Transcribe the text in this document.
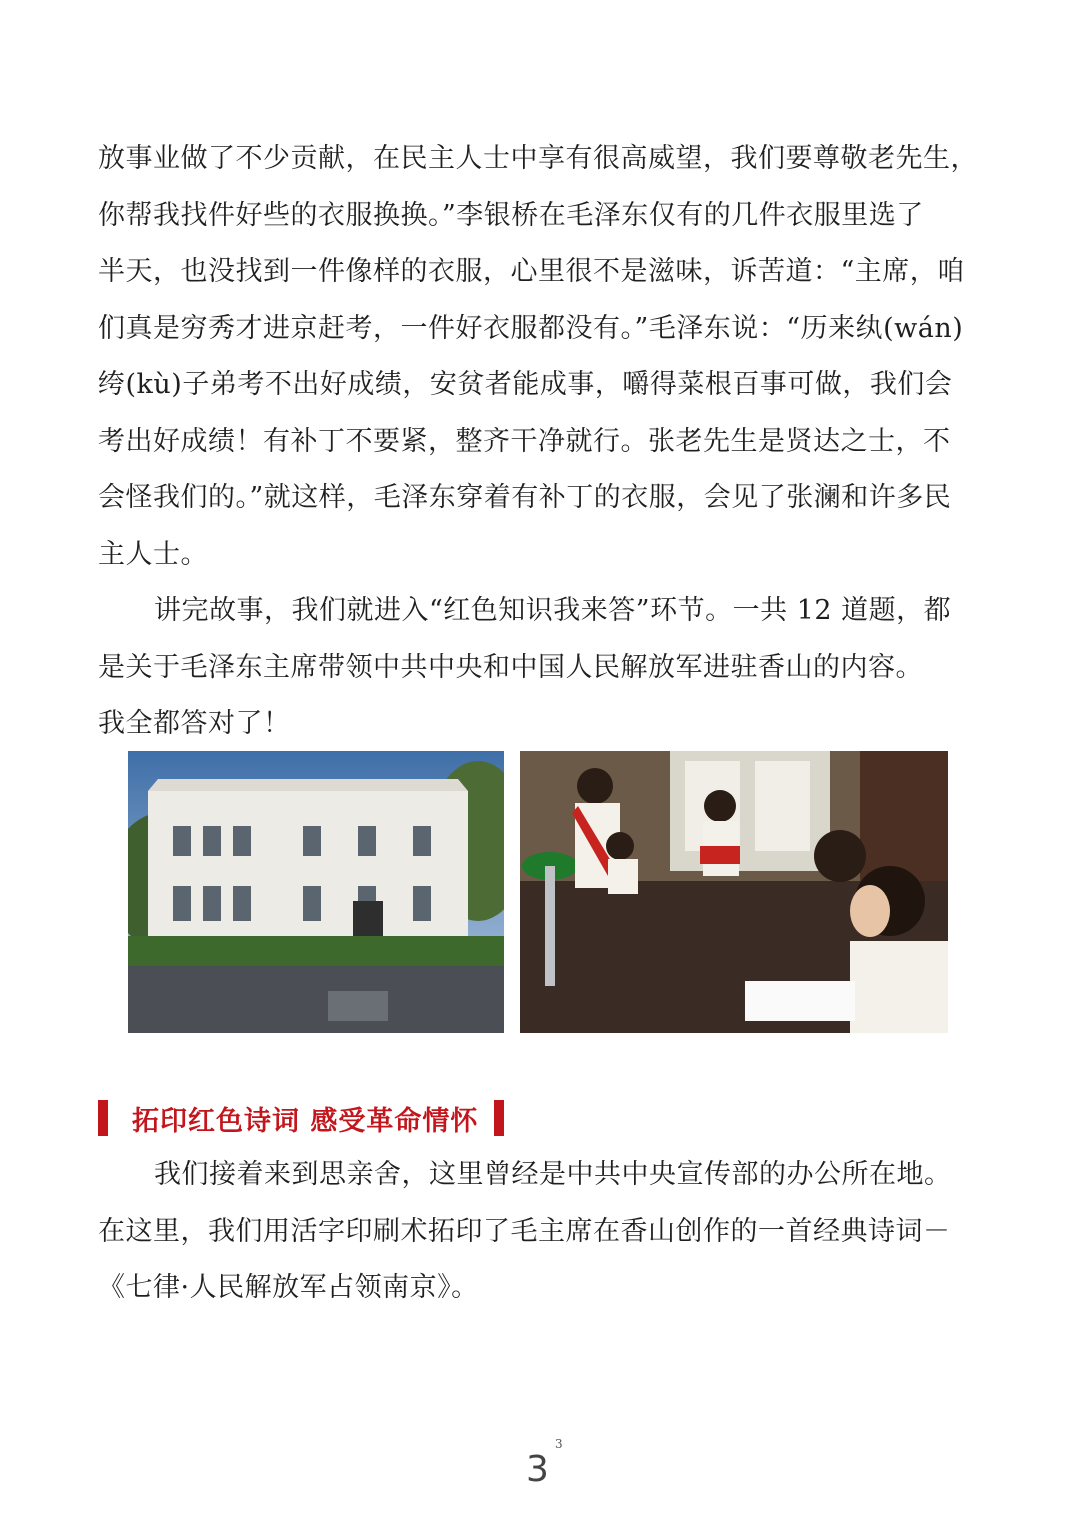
放事业做了不少贡献，在民主人士中享有很高威望，我们要尊敬老先生，
你帮我找件好些的衣服换换。”李银桥在毛泽东仅有的几件衣服里选了
半天，也没找到一件像样的衣服，心里很不是滋味，诉苦道：“主席，咱
们真是穷秀才进京赶考，一件好衣服都没有。”毛泽东说：“历来纨(wán)
绔(kù)子弟考不出好成绩，安贫者能成事，嚼得菜根百事可做，我们会
考出好成绩！有补丁不要紧，整齐干净就行。张老先生是贤达之士，不
会怪我们的。”就这样，毛泽东穿着有补丁的衣服，会见了张澜和许多民
主人士。
讲完故事，我们就进入“红色知识我来答”环节。一共 12 道题，都
是关于毛泽东主席带领中共中央和中国人民解放军进驻香山的内容。
我全都答对了！
拓印红色诗词 感受革命情怀
我们接着来到思亲舍，这里曾经是中共中央宣传部的办公所在地。
在这里，我们用活字印刷术拓印了毛主席在香山创作的一首经典诗词－
《七律·人民解放军占领南京》。
3
3
